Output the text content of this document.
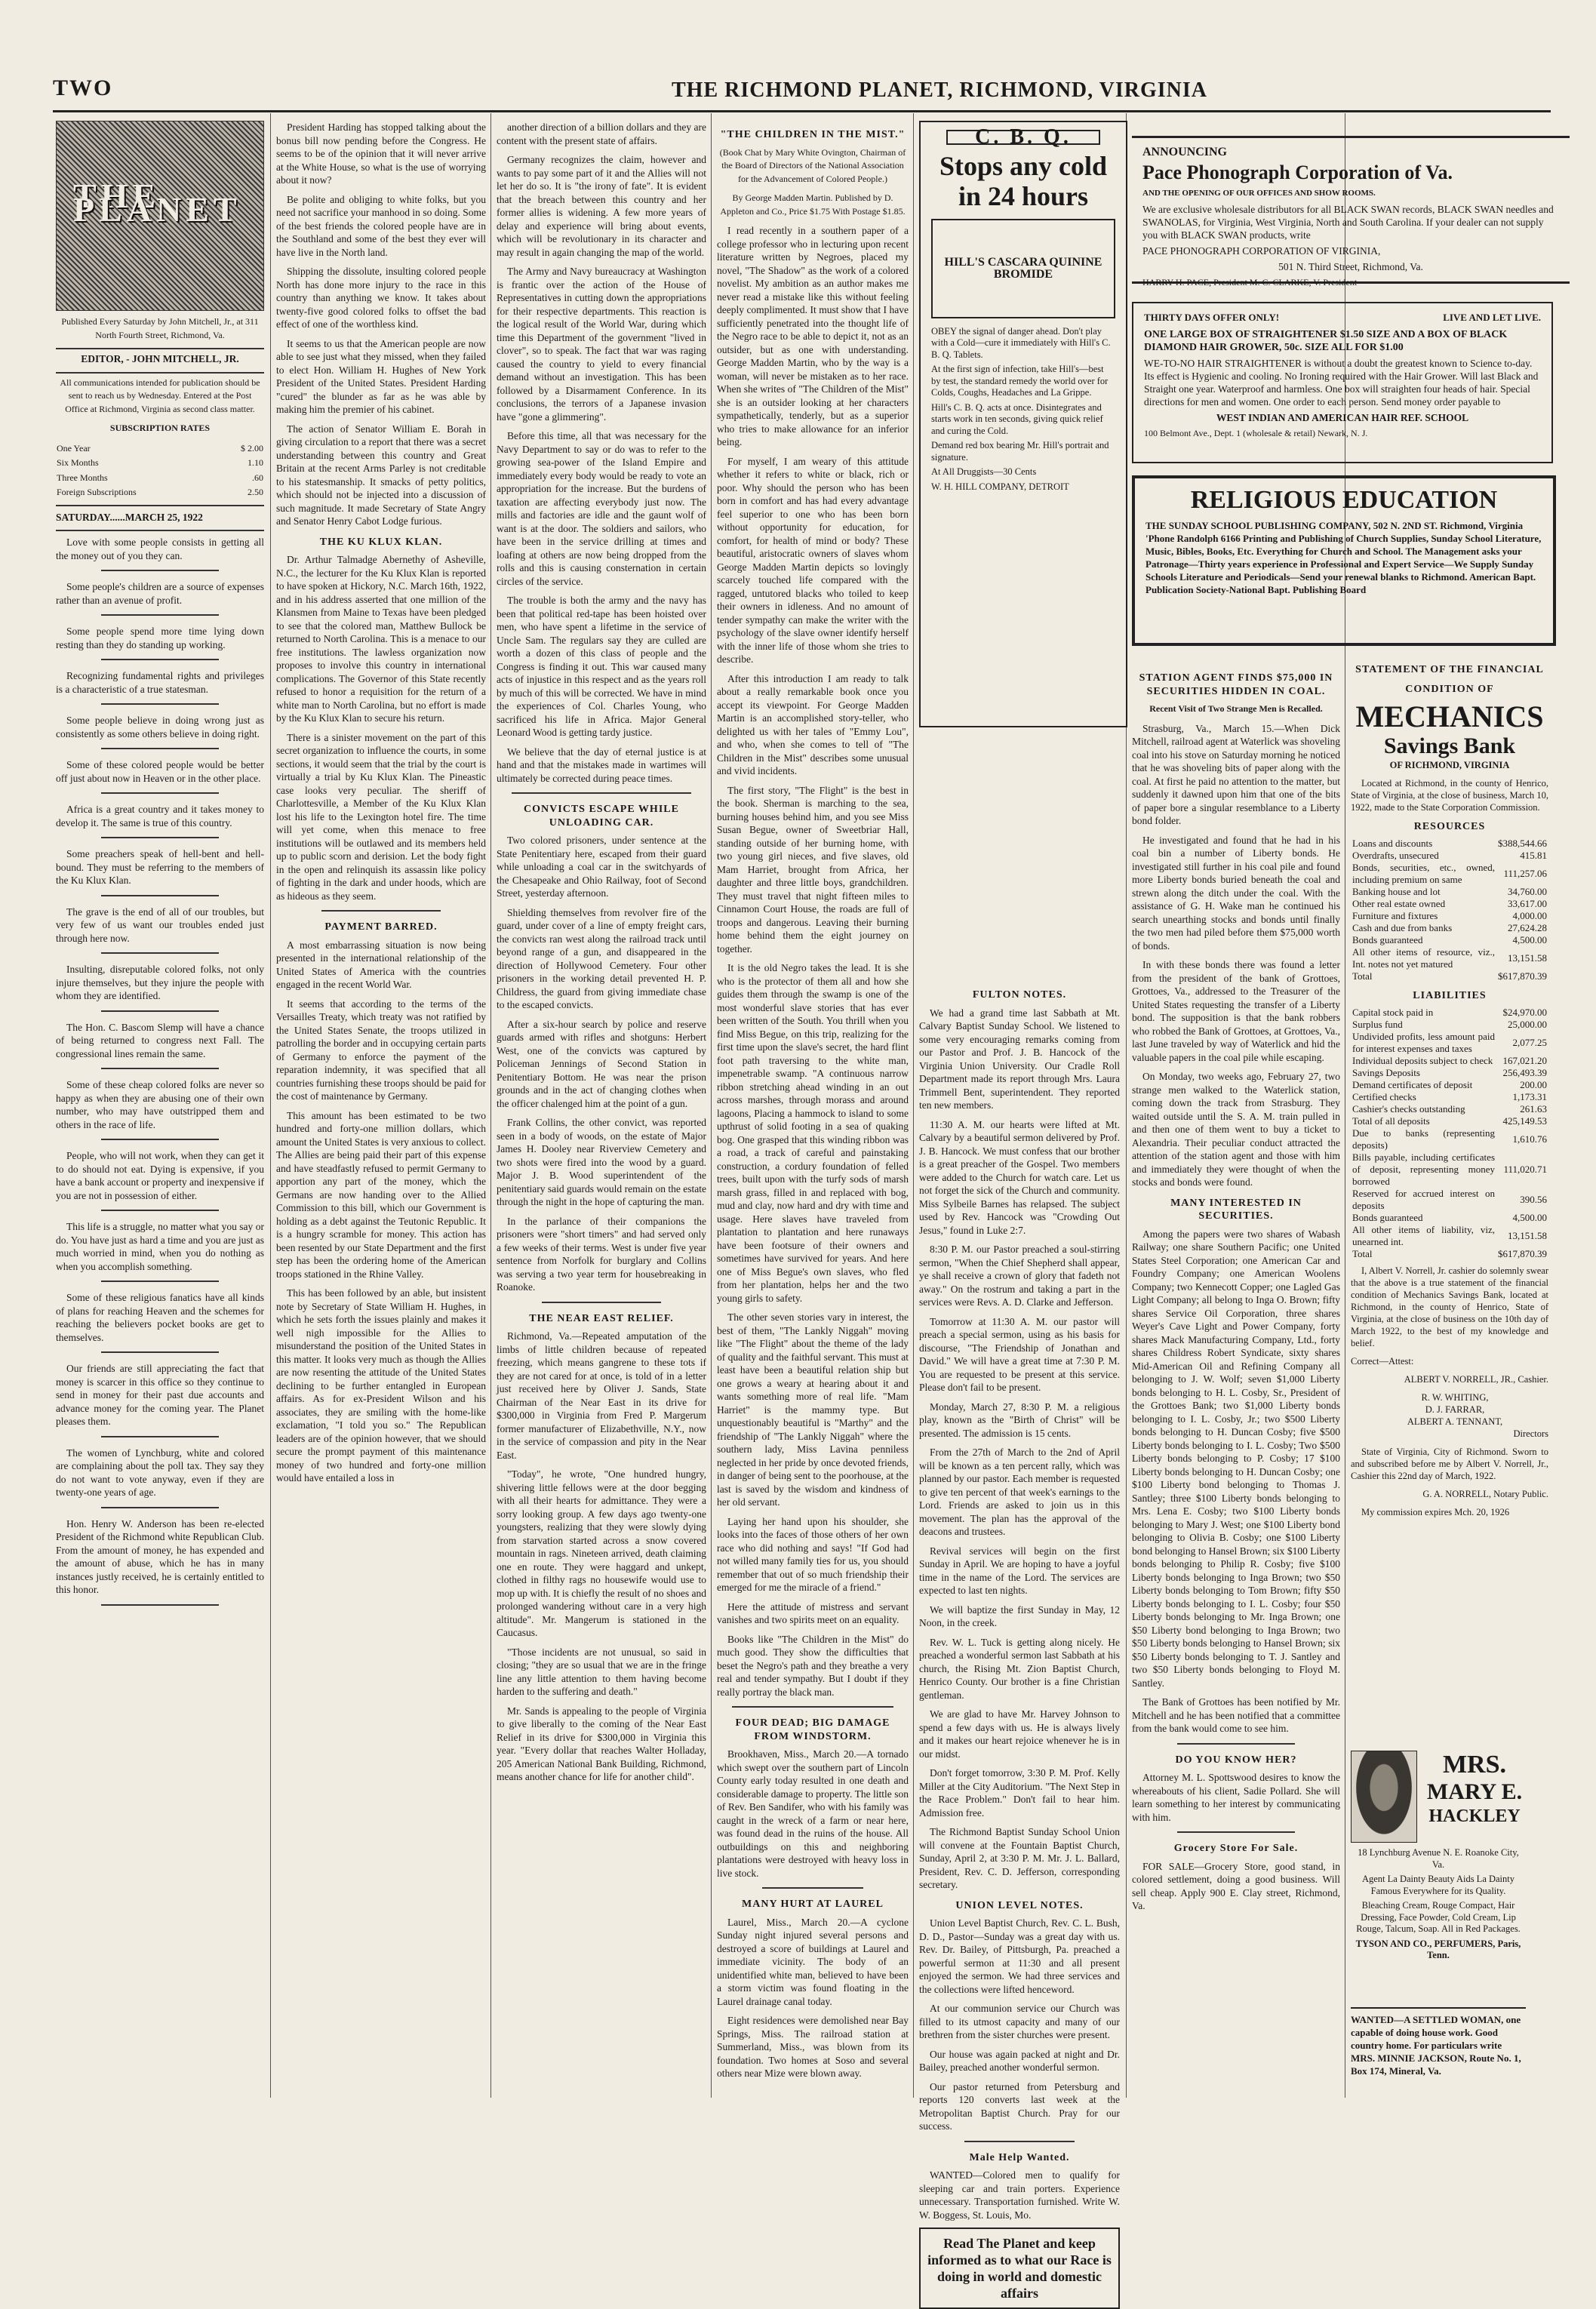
TWO	THE RICHMOND PLANET, RICHMOND, VIRGINIA
THE PLANET

Published Every Saturday by John Mitchell, Jr., at 311 North Fourth Street, Richmond, Va.

EDITOR, - JOHN MITCHELL, JR.

All communications intended for publication should be sent to reach us by Wednesday. Entered at the Post Office at Richmond, Virginia as second class matter.

SUBSCRIPTION RATES

One Year	$ 2.00
Six Months	1.10
Three Months	.60
Foreign Subscriptions	2.50

SATURDAY......MARCH 25, 1922

Love with some people consists in getting all the money out of you they can.

Some people's children are a source of expenses rather than an avenue of profit.

Some people spend more time lying down resting than they do standing up working.

Recognizing fundamental rights and privileges is a characteristic of a true statesman.

Some people believe in doing wrong just as consistently as some others believe in doing right.

Some of these colored people would be better off just about now in Heaven or in the other place.

Africa is a great country and it takes money to develop it. The same is true of this country.

Some preachers speak of hell-bent and hell-bound. They must be referring to the members of the Ku Klux Klan.

The grave is the end of all of our troubles, but very few of us want our troubles ended just through here now.

Insulting, disreputable colored folks, not only injure themselves, but they injure the people with whom they are identified.

The Hon. C. Bascom Slemp will have a chance of being returned to congress next Fall. The congressional lines remain the same.

Some of these cheap colored folks are never so happy as when they are abusing one of their own number, who may have outstripped them and others in the race of life.

People, who will not work, when they can get it to do should not eat. Dying is expensive, if you have a bank account or property and inexpensive if you are not in possession of either.

This life is a struggle, no matter what you say or do. You have just as hard a time and you are just as much worried in mind, when you do nothing as when you accomplish something.

Some of these religious fanatics have all kinds of plans for reaching Heaven and the schemes for reaching the believers pocket books are get to themselves.

Our friends are still appreciating the fact that money is scarcer in this office so they continue to send in money for their past due accounts and advance money for the coming year. The Planet pleases them.

The women of Lynchburg, white and colored are complaining about the poll tax. They say they do not want to vote anyway, even if they are twenty-one years of age.

Hon. Henry W. Anderson has been re-elected President of the Richmond white Republican Club. From the amount of money, he has expended and the amount of abuse, which he has in many instances justly received, he is certainly entitled to this honor.

President Harding has stopped talking about the bonus bill now pending before the Congress. He seems to be of the opinion that it will never arrive at the White House, so what is the use of worrying about it now?

Be polite and obliging to white folks, but you need not sacrifice your manhood in so doing. Some of the best friends the colored people have are in the Southland and some of the best they ever will have live in the North land.

Shipping the dissolute, insulting colored people North has done more injury to the race in this country than anything we know. It takes about twenty-five good colored folks to offset the bad effect of one of the worthless kind.

It seems to us that the American people are now able to see just what they missed, when they failed to elect Hon. William H. Hughes of New York President of the United States. President Harding "cured" the blunder as far as he was able by making him the premier of his cabinet.

The action of Senator William E. Borah in giving circulation to a report that there was a secret understanding between this country and Great Britain at the recent Arms Parley is not creditable to his statesmanship. It smacks of petty politics, which should not be injected into a discussion of such magnitude. It made Secretary of State Angry and Senator Henry Cabot Lodge furious.

THE KU KLUX KLAN.

Dr. Arthur Talmadge Abernethy of Asheville, N.C., the lecturer for the Ku Klux Klan is reported to have spoken at Hickory, N.C. March 16th, 1922, and in his address asserted that one million of the Klansmen from Maine to Texas have been pledged to see that the colored man, Matthew Bullock be returned to North Carolina. This is a menace to our free institutions. The lawless organization now proposes to involve this country in international complications. The Governor of this State recently refused to honor a requisition for the return of a white man to North Carolina, but no effort is made by the Ku Klux Klan to secure his return.

There is a sinister movement on the part of this secret organization to influence the courts, in some sections, it would seem that the trial by the court is virtually a trial by Ku Klux Klan. The Pineastic case looks very peculiar. The sheriff of Charlottesville, a Member of the Ku Klux Klan lost his life to the Lexington hotel fire. The time will yet come, when this menace to free institutions will be outlawed and its members held up to public scorn and derision. Let the body fight in the open and relinquish its assassin like policy of fighting in the dark and under hoods, which are as hideous as they seem.

PAYMENT BARRED.

A most embarrassing situation is now being presented in the international relationship of the United States of America with the countries engaged in the recent World War.

It seems that according to the terms of the Versailles Treaty, which treaty was not ratified by the United States Senate, the troops utilized in patrolling the border and in occupying certain parts of Germany to enforce the payment of the reparation indemnity, it was specified that all countries furnishing these troops should be paid for the cost of maintenance by Germany.

This amount has been estimated to be two hundred and forty-one million dollars, which amount the United States is very anxious to collect. The Allies are being paid their part of this expense and have steadfastly refused to permit Germany to apportion any part of the money, which the Germans are now handing over to the Allied Commission to this bill, which our Government is holding as a debt against the Teutonic Republic. It is a hungry scramble for money. This action has been resented by our State Department and the first step has been the ordering home of the American troops stationed in the Rhine Valley.

This has been followed by an able, but insistent note by Secretary of State William H. Hughes, in which he sets forth the issues plainly and makes it well nigh impossible for the Allies to misunderstand the position of the United States in this matter. It looks very much as though the Allies are now resenting the attitude of the United States declining to be further entangled in European affairs. As for ex-President Wilson and his associates, they are smiling with the home-like exclamation, "I told you so." The Republican leaders are of the opinion however, that we should secure the prompt payment of this maintenance money of two hundred and forty-one million would have entailed a loss in

another direction of a billion dollars and they are content with the present state of affairs.

Germany recognizes the claim, however and wants to pay some part of it and the Allies will not let her do so. It is "the irony of fate". It is evident that the breach between this country and her former allies is widening. A few more years of delay and experience will bring about events, which will be revolutionary in its character and may result in again changing the map of the world.

The Army and Navy bureaucracy at Washington is frantic over the action of the House of Representatives in cutting down the appropriations for their respective departments. This reaction is the logical result of the World War, during which time this Department of the government "lived in clover", so to speak. The fact that war was raging caused the country to yield to every financial demand without an investigation. This has been followed by a Disarmament Conference. In its conclusions, the terrors of a Japanese invasion have "gone a glimmering".

Before this time, all that was necessary for the Navy Department to say or do was to refer to the growing sea-power of the Island Empire and immediately every body would be ready to vote an appropriation for the increase. But the burdens of taxation are affecting everybody just now. The mills and factories are idle and the gaunt wolf of want is at the door. The soldiers and sailors, who have been in the service drilling at times and loafing at others are now being dropped from the rolls and this is causing consternation in certain circles of the service.

The trouble is both the army and the navy has been that political red-tape has been hoisted over men, who have spent a lifetime in the service of Uncle Sam. The regulars say they are culled are worth a dozen of this class of people and the Congress is finding it out. This war caused many acts of injustice in this respect and as the years roll by much of this will be corrected. We have in mind the experiences of Col. Charles Young, who sacrificed his life in Africa. Major General Leonard Wood is getting tardy justice.

We believe that the day of eternal justice is at hand and that the mistakes made in wartimes will ultimately be corrected during peace times.

CONVICTS ESCAPE WHILE UNLOADING CAR.

Two colored prisoners, under sentence at the State Penitentiary here, escaped from their guard while unloading a coal car in the switchyards of the Chesapeake and Ohio Railway, foot of Second Street, yesterday afternoon.

Shielding themselves from revolver fire of the guard, under cover of a line of empty freight cars, the convicts ran west along the railroad track until beyond range of a gun, and disappeared in the direction of Hollywood Cemetery. Four other prisoners in the working detail prevented H. P. Childress, the guard from giving immediate chase to the escaped convicts.

After a six-hour search by police and reserve guards armed with rifles and shotguns: Herbert West, one of the convicts was captured by Policeman Jennings of Second Station in Penitentiary Bottom. He was near the prison grounds and in the act of changing clothes when the officer chalenged him at the point of a gun.

Frank Collins, the other convict, was reported seen in a body of woods, on the estate of Major James H. Dooley near Riverview Cemetery and two shots were fired into the wood by a guard. Major J. B. Wood superintendent of the penitentiary said guards would remain on the estate through the night in the hope of capturing the man.

In the parlance of their companions the prisoners were "short timers" and had served only a few weeks of their terms. West is under five year sentence from Norfolk for burglary and Collins was serving a two year term for housebreaking in Roanoke.

THE NEAR EAST RELIEF.

Richmond, Va.—Repeated amputation of the limbs of little children because of repeated freezing, which means gangrene to these tots if they are not cared for at once, is told of in a letter just received here by Oliver J. Sands, State Chairman of the Near East in its drive for $300,000 in Virginia from Fred P. Margerum former manufacturer of Elizabethville, N.Y., now in the service of compassion and pity in the Near East.

"Today", he wrote, "One hundred hungry, shivering little fellows were at the door begging with all their hearts for admittance. They were a sorry looking group. A few days ago twenty-one youngsters, realizing that they were slowly dying from starvation started across a snow covered mountain in rags. Nineteen arrived, death claiming one en route. They were haggard and unkept, clothed in filthy rags no housewife would use to mop up with. It is chiefly the result of no shoes and prolonged wandering without care in a very high altitude". Mr. Mangerum is stationed in the Caucasus.

"Those incidents are not unusual, so said in closing; "they are so usual that we are in the fringe line any little attention to them having become harden to the suffering and death."

Mr. Sands is appealing to the people of Virginia to give liberally to the coming of the Near East Relief in its drive for $300,000 in Virginia this year. "Every dollar that reaches Walter Holladay, 205 American National Bank Building, Richmond, means another chance for life for another child".

"THE CHILDREN IN THE MIST."

(Book Chat by Mary White Ovington, Chairman of the Board of Directors of the National Association for the Advancement of Colored People.)

By George Madden Martin. Published by D. Appleton and Co., Price $1.75 With Postage $1.85.

I read recently in a southern paper of a college professor who in lecturing upon recent literature written by Negroes, placed my novel, "The Shadow" as the work of a colored novelist. My ambition as an author makes me never read a mistake like this without feeling deeply complimented. It must show that I have sufficiently penetrated into the thought life of the Negro race to be able to depict it, not as an outsider, but as one with understanding. George Madden Martin, who by the way is a woman, will never be mistaken as to her race. When she writes of "The Children of the Mist" she is an outsider looking at her characters sympathetically, tenderly, but as a superior who tries to make allowance for an inferior being.

For myself, I am weary of this attitude whether it refers to white or black, rich or poor. Why should the person who has been born in comfort and has had every advantage feel superior to one who has been born without opportunity for education, for comfort, for health of mind or body? These beautiful, aristocratic owners of slaves whom George Madden Martin depicts so lovingly scarcely touched life compared with the ragged, untutored blacks who toiled to keep their owners in idleness. And no amount of tender sympathy can make the writer with the psychology of the slave owner identify herself with the inner life of those whom she tries to describe.

After this introduction I am ready to talk about a really remarkable book once you accept its viewpoint. For George Madden Martin is an accomplished story-teller, who delighted us with her tales of "Emmy Lou", and who, when she comes to tell of "The Children in the Mist" describes some unusual and vivid incidents.

The first story, "The Flight" is the best in the book. Sherman is marching to the sea, burning houses behind him, and you see Miss Susan Begue, owner of Sweetbriar Hall, standing outside of her burning home, with two young girl nieces, and five slaves, old Mam Harriet, brought from Africa, her daughter and three little boys, grandchildren. They must travel that night fifteen miles to Cinnamon Court House, the roads are full of troops and dangerous. Leaving their burning home behind them the eight journey on together.

It is the old Negro takes the lead. It is she who is the protector of them all and how she guides them through the swamp is one of the most wonderful slave stories that has ever been written of the South. You thrill when you find Miss Begue, on this trip, realizing for the first time upon the slave's secret, the hard flint foot path traversing to the white man, impenetrable swamp. "A continuous narrow ribbon stretching ahead winding in an out across marshes, through morass and around lagoons, Placing a hammock to island to some upthrust of solid footing in a sea of quaking bog. One grasped that this winding ribbon was a road, a track of careful and painstaking construction, a cordury foundation of felled trees, built upon with the turfy sods of marsh marsh grass, filled in and replaced with bog, mud and clay, now hard and dry with time and usage. Here slaves have traveled from plantation to plantation and here runaways have been footsure of their owners and sometimes have survived for years. And here one of Miss Begue's own slaves, who fled from her plantation, helps her and the two young girls to safety.

The other seven stories vary in interest, the best of them, "The Lankly Niggah" moving like "The Flight" about the theme of the lady of quality and the faithful servant. This must at least have been a beautiful relation ship but one grows a weary at hearing about it and wants something more of real life. "Mam Harriet" is the mammy type. But unquestionably beautiful is "Marthy" and the friendship of "The Lankly Niggah" where the southern lady, Miss Lavina penniless neglected in her pride by once devoted friends, in danger of being sent to the poorhouse, at the last is saved by the wisdom and kindness of her old servant.

Laying her hand upon his shoulder, she looks into the faces of those others of her own race who did nothing and says! "If God had not willed many family ties for us, you should remember that out of so much friendship their emerged for me the miracle of a friend."

Here the attitude of mistress and servant vanishes and two spirits meet on an equality.

Books like "The Children in the Mist" do much good. They show the difficulties that beset the Negro's path and they breathe a very real and tender sympathy. But I doubt if they really portray the black man.

FOUR DEAD; BIG DAMAGE FROM WINDSTORM.

Brookhaven, Miss., March 20.—A tornado which swept over the southern part of Lincoln County early today resulted in one death and considerable damage to property. The little son of Rev. Ben Sandifer, who with his family was caught in the wreck of a farm or near here, was found dead in the ruins of the house. All outbuildings on this and neighboring plantations were destroyed with heavy loss in live stock.

MANY HURT AT LAUREL

Laurel, Miss., March 20.—A cyclone Sunday night injured several persons and destroyed a score of buildings at Laurel and immediate vicinity. The body of an unidentified white man, believed to have been a storm victim was found floating in the Laurel drainage canal today.

Eight residences were demolished near Bay Springs, Miss. The railroad station at Summerland, Miss., was blown from its foundation. Two homes at Soso and several others near Mize were blown away.

C. B. Q.
Stops any cold in 24 hours
HILL'S CASCARA QUININE BROMIDE

OBEY the signal of danger ahead. Don't play with a Cold—cure it immediately with Hill's C. B. Q. Tablets.

At the first sign of infection, take Hill's—best by test, the standard remedy the world over for Colds, Coughs, Headaches and La Grippe.

Hill's C. B. Q. acts at once. Disintegrates and starts work in ten seconds, giving quick relief and curing the Cold.

Demand red box bearing Mr. Hill's portrait and signature.

At All Druggists—30 Cents

W. H. HILL COMPANY, DETROIT

FULTON NOTES.

We had a grand time last Sabbath at Mt. Calvary Baptist Sunday School. We listened to some very encouraging remarks coming from our Pastor and Prof. J. B. Hancock of the Virginia Union University. Our Cradle Roll Department made its report through Mrs. Laura Trimmell Bent, superintendent. They reported ten new members.

11:30 A. M. our hearts were lifted at Mt. Calvary by a beautiful sermon delivered by Prof. J. B. Hancock. We must confess that our brother is a great preacher of the Gospel. Two members were added to the Church for watch care. Let us not forget the sick of the Church and community. Miss Sylbeile Barnes has relapsed. The subject used by Rev. Hancock was "Crowding Out Jesus," found in Luke 2:7.

8:30 P. M. our Pastor preached a soul-stirring sermon, "When the Chief Shepherd shall appear, ye shall receive a crown of glory that fadeth not away." On the rostrum and taking a part in the services were Revs. A. D. Clarke and Jefferson.

Tomorrow at 11:30 A. M. our pastor will preach a special sermon, using as his basis for discourse, "The Friendship of Jonathan and David." We will have a great time at 7:30 P. M. You are requested to be present at this service. Please don't fail to be present.

Monday, March 27, 8:30 P. M. a religious play, known as the "Birth of Christ" will be presented. The admission is 15 cents.

From the 27th of March to the 2nd of April will be known as a ten percent rally, which was planned by our pastor. Each member is requested to give ten percent of that week's earnings to the Lord. Friends are asked to join us in this movement. The plan has the approval of the deacons and trustees.

Revival services will begin on the first Sunday in April. We are hoping to have a joyful time in the name of the Lord. The services are expected to last ten nights.

We will baptize the first Sunday in May, 12 Noon, in the creek.

Rev. W. L. Tuck is getting along nicely. He preached a wonderful sermon last Sabbath at his church, the Rising Mt. Zion Baptist Church, Henrico County. Our brother is a fine Christian gentleman.

We are glad to have Mr. Harvey Johnson to spend a few days with us. He is always lively and it makes our heart rejoice whenever he is in our midst.

Don't forget tomorrow, 3:30 P. M. Prof. Kelly Miller at the City Auditorium. "The Next Step in the Race Problem." Don't fail to hear him. Admission free.

The Richmond Baptist Sunday School Union will convene at the Fountain Baptist Church, Sunday, April 2, at 3:30 P. M. Mr. J. L. Ballard, President, Rev. C. D. Jefferson, corresponding secretary.

UNION LEVEL NOTES.

Union Level Baptist Church, Rev. C. L. Bush, D. D., Pastor—Sunday was a great day with us. Rev. Dr. Bailey, of Pittsburgh, Pa. preached a powerful sermon at 11:30 and all present enjoyed the sermon. We had three services and the collections were lifted henceword.

At our communion service our Church was filled to its utmost capacity and many of our brethren from the sister churches were present.

Our house was again packed at night and Dr. Bailey, preached another wonderful sermon.

Our pastor returned from Petersburg and reports 120 converts last week at the Metropolitan Baptist Church. Pray for our success.

Male Help Wanted.

WANTED—Colored men to qualify for sleeping car and train porters. Experience unnecessary. Transportation furnished. Write W. W. Boggess, St. Louis, Mo.

Read The Planet and keep informed as to what our Race is doing in world and domestic affairs

ANNOUNCING

Pace Phonograph Corporation of Va.

AND THE OPENING OF OUR OFFICES AND SHOW ROOMS.

We are exclusive wholesale distributors for all BLACK SWAN records, BLACK SWAN needles and SWANOLAS, for Virginia, West Virginia, North and South Carolina. If your dealer can not supply you with BLACK SWAN products, write

PACE PHONOGRAPH CORPORATION OF VIRGINIA,

501 N. Third Street, Richmond, Va.

HARRY H. PACE, President M. C. CLARKE, V. President

THIRTY DAYS OFFER ONLY!	LIVE AND LET LIVE.

ONE LARGE BOX OF STRAIGHTENER $1.50 SIZE AND A BOX OF BLACK DIAMOND HAIR GROWER, 50c. SIZE ALL FOR $1.00

WE-TO-NO HAIR STRAIGHTENER is without a doubt the greatest known to Science to-day. Its effect is Hygienic and cooling. No Ironing required with the Hair Grower. Will last Black and Straight one year. Waterproof and harmless. One box will straighten four heads of hair. Special directions for men and women. One order to each person. Send money order payable to

WEST INDIAN AND AMERICAN HAIR REF. SCHOOL

100 Belmont Ave., Dept. 1 (wholesale & retail) Newark, N. J.

RELIGIOUS EDUCATION

THE SUNDAY SCHOOL PUBLISHING COMPANY, 502 N. 2ND ST. Richmond, Virginia 'Phone Randolph 6166 Printing and Publishing of Church Supplies, Sunday School Literature, Music, Bibles, Books, Etc. Everything for Church and School. The Management asks your Patronage—Thirty years experience in Professional and Expert Service—We Supply Sunday Schools Literature and Periodicals—Send your renewal blanks to Richmond. American Bapt. Publication Society-National Bapt. Publishing Board

STATION AGENT FINDS $75,000 IN SECURITIES HIDDEN IN COAL.

Recent Visit of Two Strange Men is Recalled.

Strasburg, Va., March 15.—When Dick Mitchell, railroad agent at Waterlick was shoveling coal into his stove on Saturday morning he noticed that he was shoveling bits of paper along with the coal. At first he paid no attention to the matter, but suddenly it dawned upon him that one of the bits of paper bore a singular resemblance to a Liberty bond folder.

He investigated and found that he had in his coal bin a number of Liberty bonds. He investigated still further in his coal pile and found more Liberty bonds buried beneath the coal and strewn along the ditch under the coal. With the assistance of G. H. Wake man he continued his search unearthing stocks and bonds until finally the two men had piled before them $75,000 worth of bonds.

In with these bonds there was found a letter from the president of the bank of Grottoes, Grottoes, Va., addressed to the Treasurer of the United States requesting the transfer of a Liberty bond. The supposition is that the bank robbers who robbed the Bank of Grottoes, at Grottoes, Va., last June traveled by way of Waterlick and hid the valuable papers in the coal pile while escaping.

On Monday, two weeks ago, February 27, two strange men walked to the Waterlick station, coming down the track from Strasburg. They waited outside until the S. A. M. train pulled in and then one of them went to buy a ticket to Alexandria. Their peculiar conduct attracted the attention of the station agent and those with him and immediately they were thought of when the stocks and bonds were found.

MANY INTERESTED IN SECURITIES.

Among the papers were two shares of Wabash Railway; one share Southern Pacific; one United States Steel Corporation; one American Car and Foundry Company; one American Woolens Company; two Kennecott Copper; one Lagled Gas Light Company; all belong to Inga O. Brown; fifty shares Service Oil Corporation, three shares Weyer's Cave Light and Power Company, forty shares Mack Manufacturing Company, Ltd., forty shares Childress Robert Syndicate, sixty shares Mid-American Oil and Refining Company all belonging to J. W. Wolf; seven $1,000 Liberty bonds belonging to H. L. Cosby, Sr., President of the Grottoes Bank; two $1,000 Liberty bonds belonging to I. L. Cosby, Jr.; two $500 Liberty bonds belonging to H. Duncan Cosby; five $500 Liberty bonds belonging to I. L. Cosby; Two $500 Liberty bonds belonging to P. Cosby; 17 $100 Liberty bonds belonging to H. Duncan Cosby; one $100 Liberty bond belonging to Thomas J. Santley; three $100 Liberty bonds belonging to Mrs. Lena E. Cosby; two $100 Liberty bonds belonging to Mary J. West; one $100 Liberty bond belonging to Olivia B. Cosby; one $100 Liberty bond belonging to Hansel Brown; six $100 Liberty bonds belonging to Philip R. Cosby; five $100 Liberty bonds belonging to Inga Brown; two $50 Liberty bonds belonging to Tom Brown; fifty $50 Liberty bonds belonging to I. L. Cosby; four $50 Liberty bonds belonging to Mr. Inga Brown; one $50 Liberty bond belonging to Inga Brown; two $50 Liberty bonds belonging to Hansel Brown; six $50 Liberty bonds belonging to T. J. Santley and two $50 Liberty bonds belonging to Floyd M. Santley.

The Bank of Grottoes has been notified by Mr. Mitchell and he has been notified that a committee from the bank would come to see him.

DO YOU KNOW HER?

Attorney M. L. Spottswood desires to know the whereabouts of his client, Sadie Pollard. She will learn something to her interest by communicating with him.

Grocery Store For Sale.

FOR SALE—Grocery Store, good stand, in colored settlement, doing a good business. Will sell cheap. Apply 900 E. Clay street, Richmond, Va.

STATEMENT OF THE FINANCIAL
CONDITION OF
MECHANICS
Savings Bank

OF RICHMOND, VIRGINIA

Located at Richmond, in the county of Henrico, State of Virginia, at the close of business, March 10, 1922, made to the State Corporation Commission.

RESOURCES
Loans and discounts	$388,544.66
Overdrafts, unsecured	415.81
Bonds, securities, etc., owned, including premium on same	111,257.06
Banking house and lot	34,760.00
Other real estate owned	33,617.00
Furniture and fixtures	4,000.00
Cash and due from banks	27,624.28
Bonds guaranteed	4,500.00
All other items of resource, viz., Int. notes not yet matured	13,151.58
Total	$617,870.39
LIABILITIES
Capital stock paid in	$24,970.00
Surplus fund	25,000.00
Undivided profits, less amount paid for interest expenses and taxes	2,077.25
Individual deposits subject to check	167,021.20
Savings Deposits	256,493.39
Demand certificates of deposit	200.00
Certified checks	1,173.31
Cashier's checks outstanding	261.63
Total of all deposits	425,149.53
Due to banks (representing deposits)	1,610.76
Bills payable, including certificates of deposit, representing money borrowed	111,020.71
Reserved for accrued interest on deposits	390.56
Bonds guaranteed	4,500.00
All other items of liability, viz, unearned int.	13,151.58
Total	$617,870.39

I, Albert V. Norrell, Jr. cashier do solemnly swear that the above is a true statement of the financial condition of Mechanics Savings Bank, located at Richmond, in the county of Henrico, State of Virginia, at the close of business on the 10th day of March 1922, to the best of my knowledge and belief.

Correct—Attest:

ALBERT V. NORRELL, JR., Cashier.

R. W. WHITING,

D. J. FARRAR,

ALBERT A. TENNANT,

Directors

State of Virginia, City of Richmond. Sworn to and subscribed before me by Albert V. Norrell, Jr., Cashier this 22nd day of March, 1922.

G. A. NORRELL, Notary Public.

My commission expires Mch. 20, 1926

MRS.
MARY E.
HACKLEY

18 Lynchburg Avenue N. E. Roanoke City, Va.

Agent La Dainty Beauty Aids La Dainty Famous Everywhere for its Quality.

Bleaching Cream, Rouge Compact, Hair Dressing, Face Powder, Cold Cream, Lip Rouge, Talcum, Soap. All in Red Packages.

TYSON AND CO., PERFUMERS, Paris, Tenn.

WANTED—A SETTLED WOMAN, one capable of doing house work. Good country home. For particulars write MRS. MINNIE JACKSON, Route No. 1, Box 174, Mineral, Va.
